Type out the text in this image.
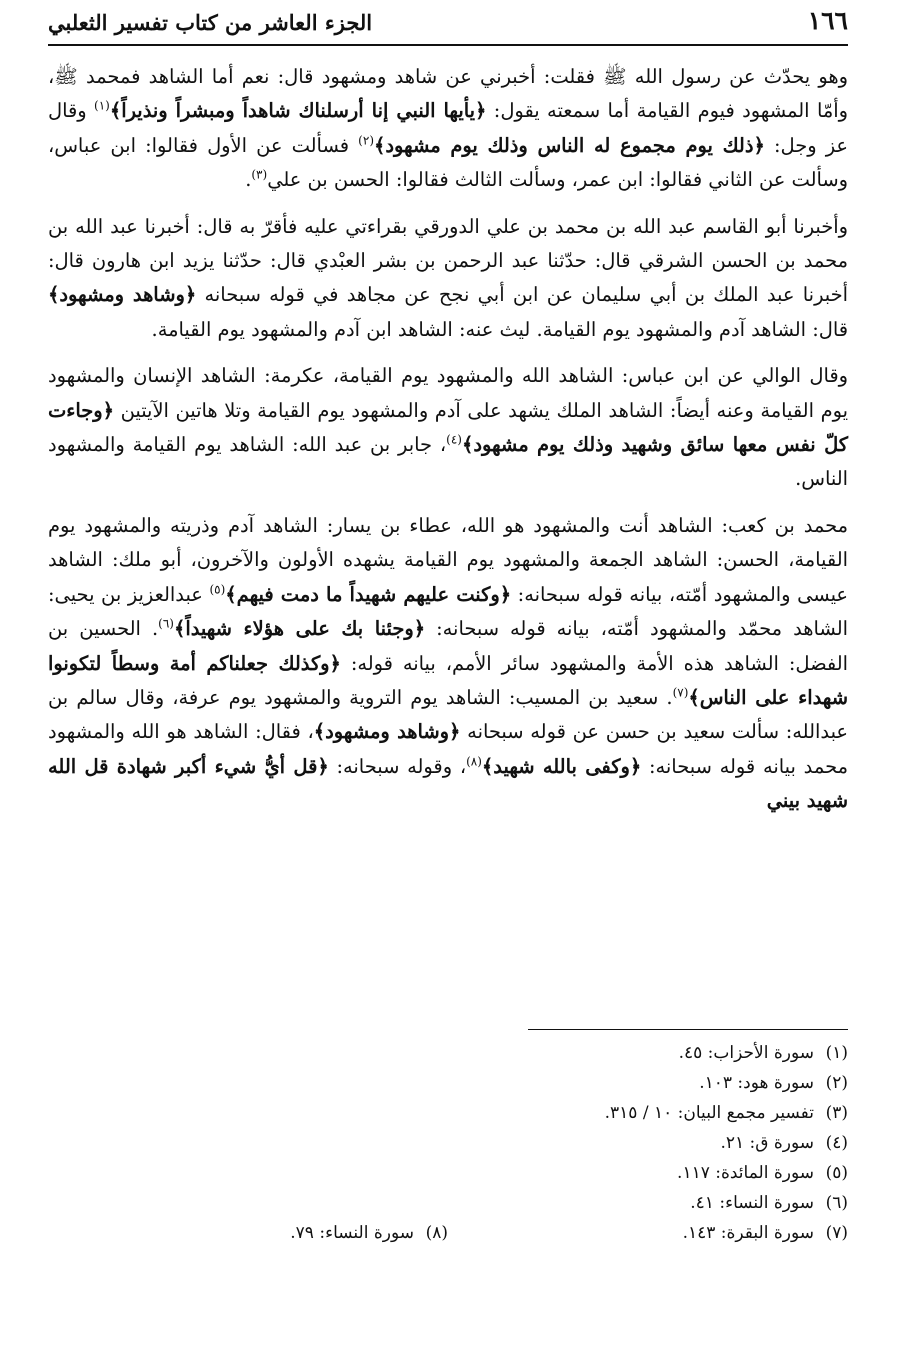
١٦٦
الجزء العاشر من كتاب تفسير الثعلبي

وهو يحدّث عن رسول الله ﷺ فقلت: أخبرني عن شاهد ومشهود قال: نعم أما الشاهد فمحمد ﷺ، وأمّا المشهود فيوم القيامة أما سمعته يقول: ﴿يأيها النبي إنا أرسلناك شاهداً ومبشراً ونذيراً﴾$^{(١)}$ وقال عز وجل: ﴿ذلك يوم مجموع له الناس وذلك يوم مشهود﴾$^{(٢)}$ فسألت عن الأول فقالوا: ابن عباس، وسألت عن الثاني فقالوا: ابن عمر، وسألت الثالث فقالوا: الحسن بن علي$^{(٣)}$.

وأخبرنا أبو القاسم عبد الله بن محمد بن علي الدورقي بقراءتي عليه فأقرّ به قال: أخبرنا عبد الله بن محمد بن الحسن الشرقي قال: حدّثنا عبد الرحمن بن بشر العبْدي قال: حدّثنا يزيد ابن هارون قال: أخبرنا عبد الملك بن أبي سليمان عن ابن أبي نجح عن مجاهد في قوله سبحانه ﴿وشاهد ومشهود﴾ قال: الشاهد آدم والمشهود يوم القيامة. ليث عنه: الشاهد ابن آدم والمشهود يوم القيامة.

وقال الوالي عن ابن عباس: الشاهد الله والمشهود يوم القيامة، عكرمة: الشاهد الإنسان والمشهود يوم القيامة وعنه أيضاً: الشاهد الملك يشهد على آدم والمشهود يوم القيامة وتلا هاتين الآيتين ﴿وجاءت كلّ نفس معها سائق وشهيد وذلك يوم مشهود﴾$^{(٤)}$، جابر بن عبد الله: الشاهد يوم القيامة والمشهود الناس.

محمد بن كعب: الشاهد أنت والمشهود هو الله، عطاء بن يسار: الشاهد آدم وذريته والمشهود يوم القيامة، الحسن: الشاهد الجمعة والمشهود يوم القيامة يشهده الأولون والآخرون، أبو ملك: الشاهد عيسى والمشهود أمّته، بيانه قوله سبحانه: ﴿وكنت عليهم شهيداً ما دمت فيهم﴾$^{(٥)}$ عبدالعزيز بن يحيى: الشاهد محمّد والمشهود أمّته، بيانه قوله سبحانه: ﴿وجئنا بك على هؤلاء شهيداً﴾$^{(٦)}$. الحسين بن الفضل: الشاهد هذه الأمة والمشهود سائر الأمم، بيانه قوله: ﴿وكذلك جعلناكم أمة وسطاً لتكونوا شهداء على الناس﴾$^{(٧)}$. سعيد بن المسيب: الشاهد يوم التروية والمشهود يوم عرفة، وقال سالم بن عبدالله: سألت سعيد بن حسن عن قوله سبحانه ﴿وشاهد ومشهود﴾، فقال: الشاهد هو الله والمشهود محمد بيانه قوله سبحانه: ﴿وكفى بالله شهيد﴾$^{(٨)}$، وقوله سبحانه: ﴿قل أيُّ شيء أكبر شهادة قل الله شهيد بيني

(١)
سورة الأحزاب: ٤٥.
(٢)
سورة هود: ١٠٣.
(٣)
تفسير مجمع البيان: ١٠ / ٣١٥.
(٤)
سورة ق: ٢١.
(٥)
سورة المائدة: ١١٧.
(٦)
سورة النساء: ٤١.
(٧)
سورة البقرة: ١٤٣.
(٨)
سورة النساء: ٧٩.
